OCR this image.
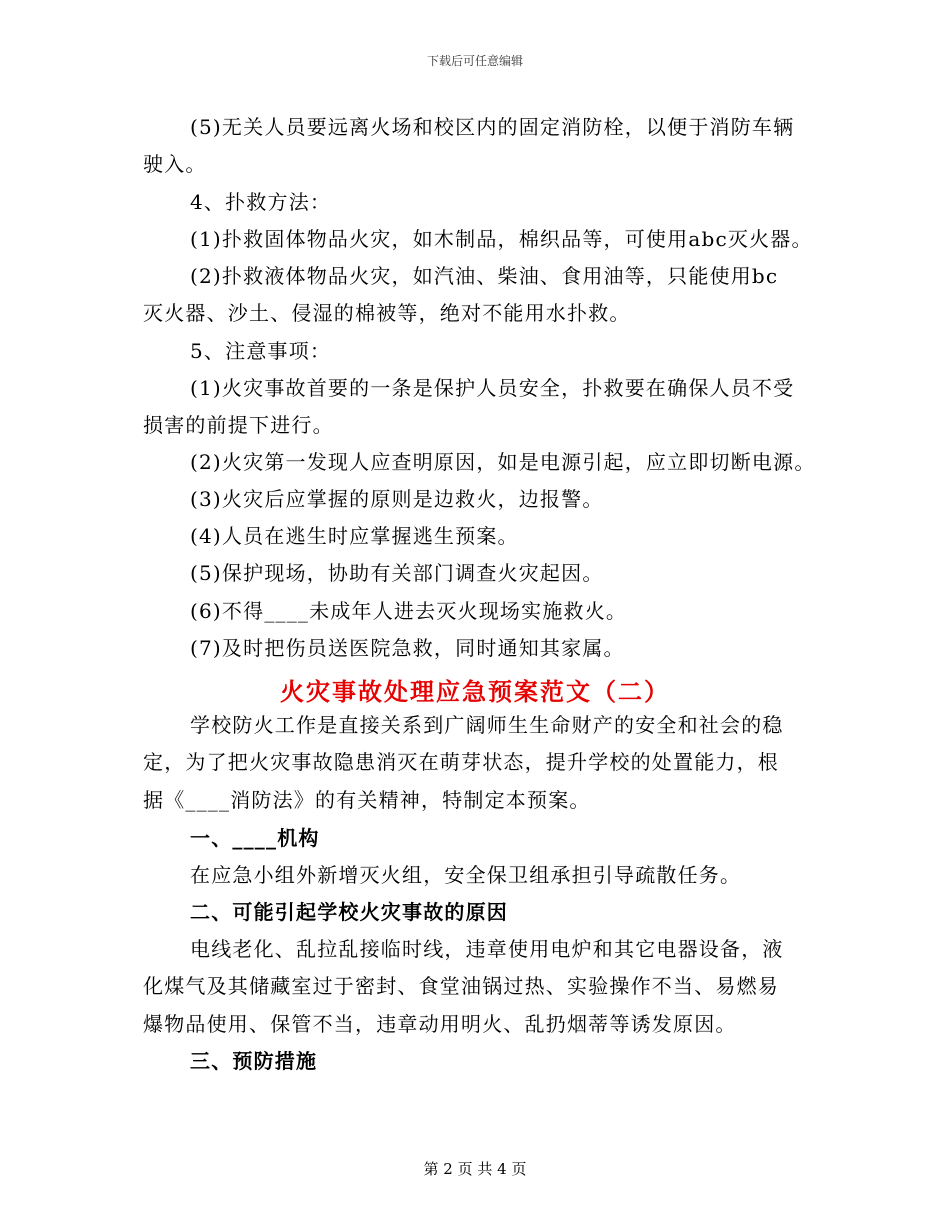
下载后可任意编辑
(5)无关人员要远离火场和校区内的固定消防栓，以便于消防车辆
驶入。
4、扑救方法：
(1)扑救固体物品火灾，如木制品，棉织品等，可使用abc灭火器。
(2)扑救液体物品火灾，如汽油、柴油、食用油等，只能使用bc
灭火器、沙土、侵湿的棉被等，绝对不能用水扑救。
5、注意事项：
(1)火灾事故首要的一条是保护人员安全，扑救要在确保人员不受
损害的前提下进行。
(2)火灾第一发现人应查明原因，如是电源引起，应立即切断电源。
(3)火灾后应掌握的原则是边救火，边报警。
(4)人员在逃生时应掌握逃生预案。
(5)保护现场，协助有关部门调查火灾起因。
(6)不得____未成年人进去灭火现场实施救火。
(7)及时把伤员送医院急救，同时通知其家属。
火灾事故处理应急预案范文（二）
学校防火工作是直接关系到广阔师生生命财产的安全和社会的稳
定，为了把火灾事故隐患消灭在萌芽状态，提升学校的处置能力，根
据《____消防法》的有关精神，特制定本预案。
一、____机构
在应急小组外新增灭火组，安全保卫组承担引导疏散任务。
二、可能引起学校火灾事故的原因
电线老化、乱拉乱接临时线，违章使用电炉和其它电器设备，液
化煤气及其储藏室过于密封、食堂油锅过热、实验操作不当、易燃易
爆物品使用、保管不当，违章动用明火、乱扔烟蒂等诱发原因。
三、预防措施
第 2 页 共 4 页
